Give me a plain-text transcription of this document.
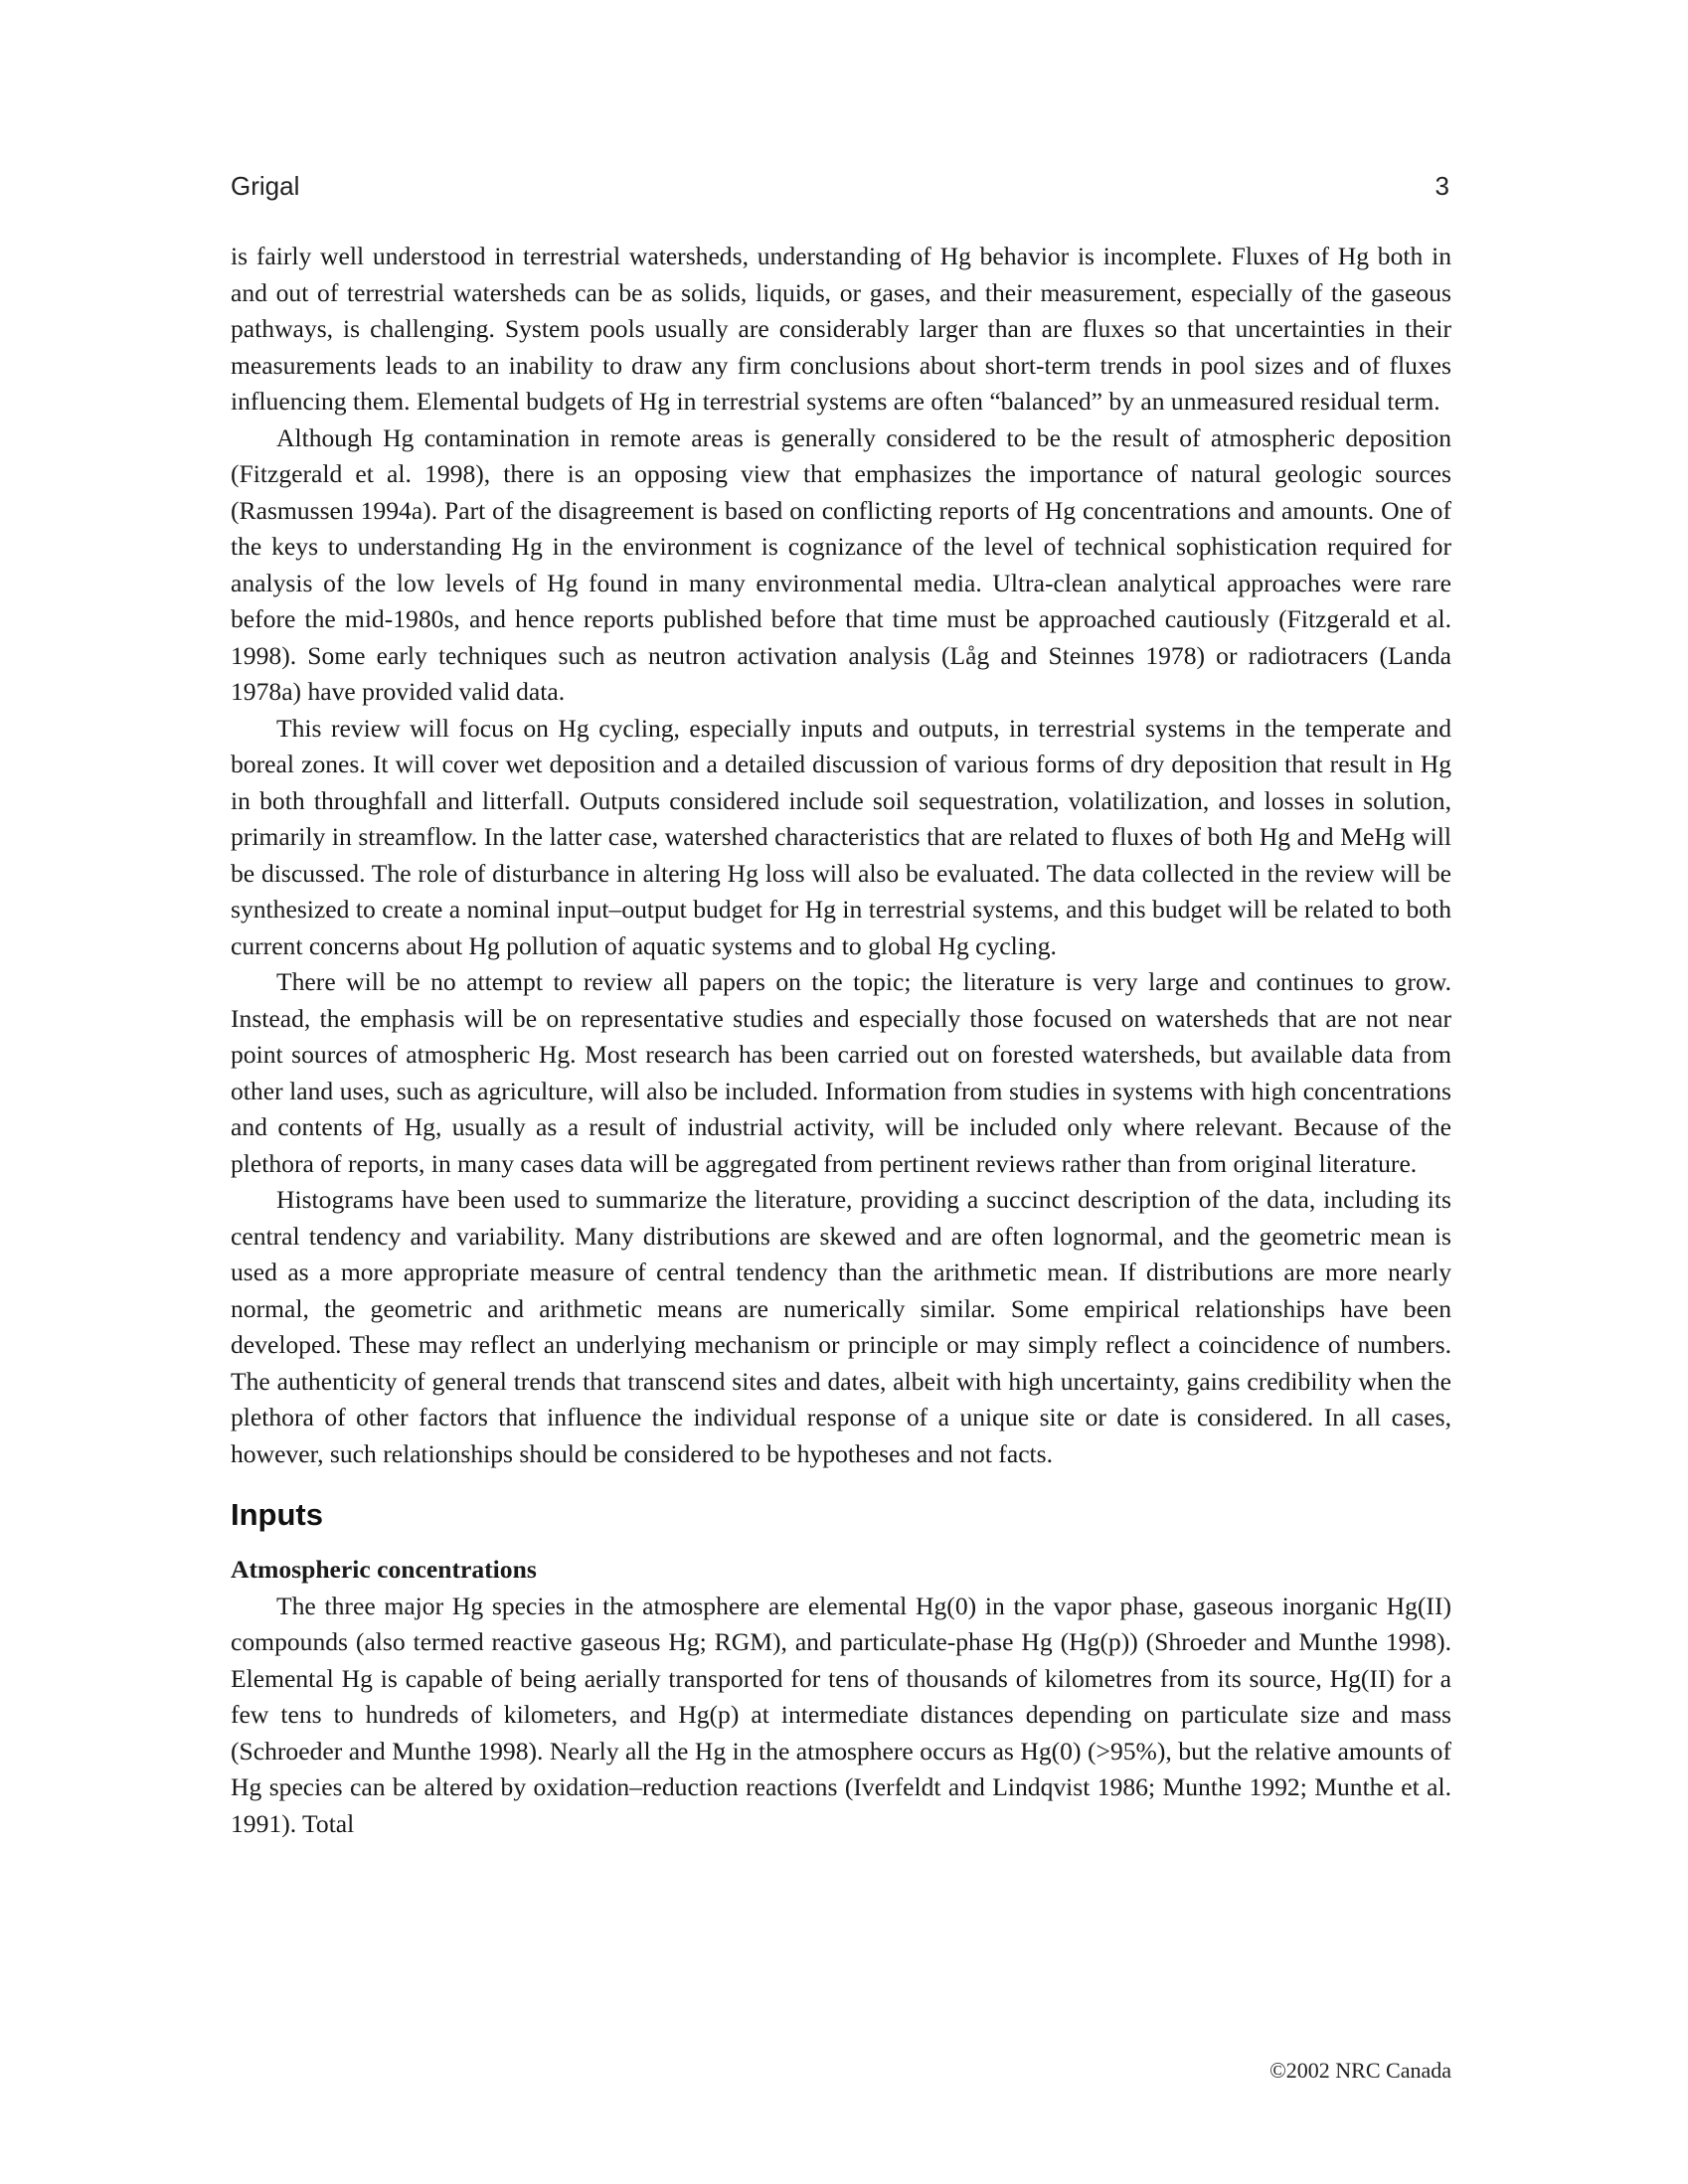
Grigal	3

is fairly well understood in terrestrial watersheds, understanding of Hg behavior is incomplete. Fluxes of Hg both in and out of terrestrial watersheds can be as solids, liquids, or gases, and their measurement, especially of the gaseous pathways, is challenging. System pools usually are considerably larger than are fluxes so that uncertainties in their measurements leads to an inability to draw any firm conclusions about short-term trends in pool sizes and of fluxes influencing them. Elemental budgets of Hg in terrestrial systems are often “balanced” by an unmeasured residual term.

Although Hg contamination in remote areas is generally considered to be the result of atmospheric deposition (Fitzgerald et al. 1998), there is an opposing view that emphasizes the importance of natural geologic sources (Rasmussen 1994a). Part of the disagreement is based on conflicting reports of Hg concentrations and amounts. One of the keys to understanding Hg in the environment is cognizance of the level of technical sophistication required for analysis of the low levels of Hg found in many environmental media. Ultra-clean analytical approaches were rare before the mid-1980s, and hence reports published before that time must be approached cautiously (Fitzgerald et al. 1998). Some early techniques such as neutron activation analysis (Låg and Steinnes 1978) or radiotracers (Landa 1978a) have provided valid data.

This review will focus on Hg cycling, especially inputs and outputs, in terrestrial systems in the temperate and boreal zones. It will cover wet deposition and a detailed discussion of various forms of dry deposition that result in Hg in both throughfall and litterfall. Outputs considered include soil sequestration, volatilization, and losses in solution, primarily in streamflow. In the latter case, watershed characteristics that are related to fluxes of both Hg and MeHg will be discussed. The role of disturbance in altering Hg loss will also be evaluated. The data collected in the review will be synthesized to create a nominal input–output budget for Hg in terrestrial systems, and this budget will be related to both current concerns about Hg pollution of aquatic systems and to global Hg cycling.

There will be no attempt to review all papers on the topic; the literature is very large and continues to grow. Instead, the emphasis will be on representative studies and especially those focused on watersheds that are not near point sources of atmospheric Hg. Most research has been carried out on forested watersheds, but available data from other land uses, such as agriculture, will also be included. Information from studies in systems with high concentrations and contents of Hg, usually as a result of industrial activity, will be included only where relevant. Because of the plethora of reports, in many cases data will be aggregated from pertinent reviews rather than from original literature.

Histograms have been used to summarize the literature, providing a succinct description of the data, including its central tendency and variability. Many distributions are skewed and are often lognormal, and the geometric mean is used as a more appropriate measure of central tendency than the arithmetic mean. If distributions are more nearly normal, the geometric and arithmetic means are numerically similar. Some empirical relationships have been developed. These may reflect an underlying mechanism or principle or may simply reflect a coincidence of numbers. The authenticity of general trends that transcend sites and dates, albeit with high uncertainty, gains credibility when the plethora of other factors that influence the individual response of a unique site or date is considered. In all cases, however, such relationships should be considered to be hypotheses and not facts.

Inputs
Atmospheric concentrations

The three major Hg species in the atmosphere are elemental Hg(0) in the vapor phase, gaseous inorganic Hg(II) compounds (also termed reactive gaseous Hg; RGM), and particulate-phase Hg (Hg(p)) (Shroeder and Munthe 1998). Elemental Hg is capable of being aerially transported for tens of thousands of kilometres from its source, Hg(II) for a few tens to hundreds of kilometers, and Hg(p) at intermediate distances depending on particulate size and mass (Schroeder and Munthe 1998). Nearly all the Hg in the atmosphere occurs as Hg(0) (>95%), but the relative amounts of Hg species can be altered by oxidation–reduction reactions (Iverfeldt and Lindqvist 1986; Munthe 1992; Munthe et al. 1991). Total

©2002 NRC Canada
